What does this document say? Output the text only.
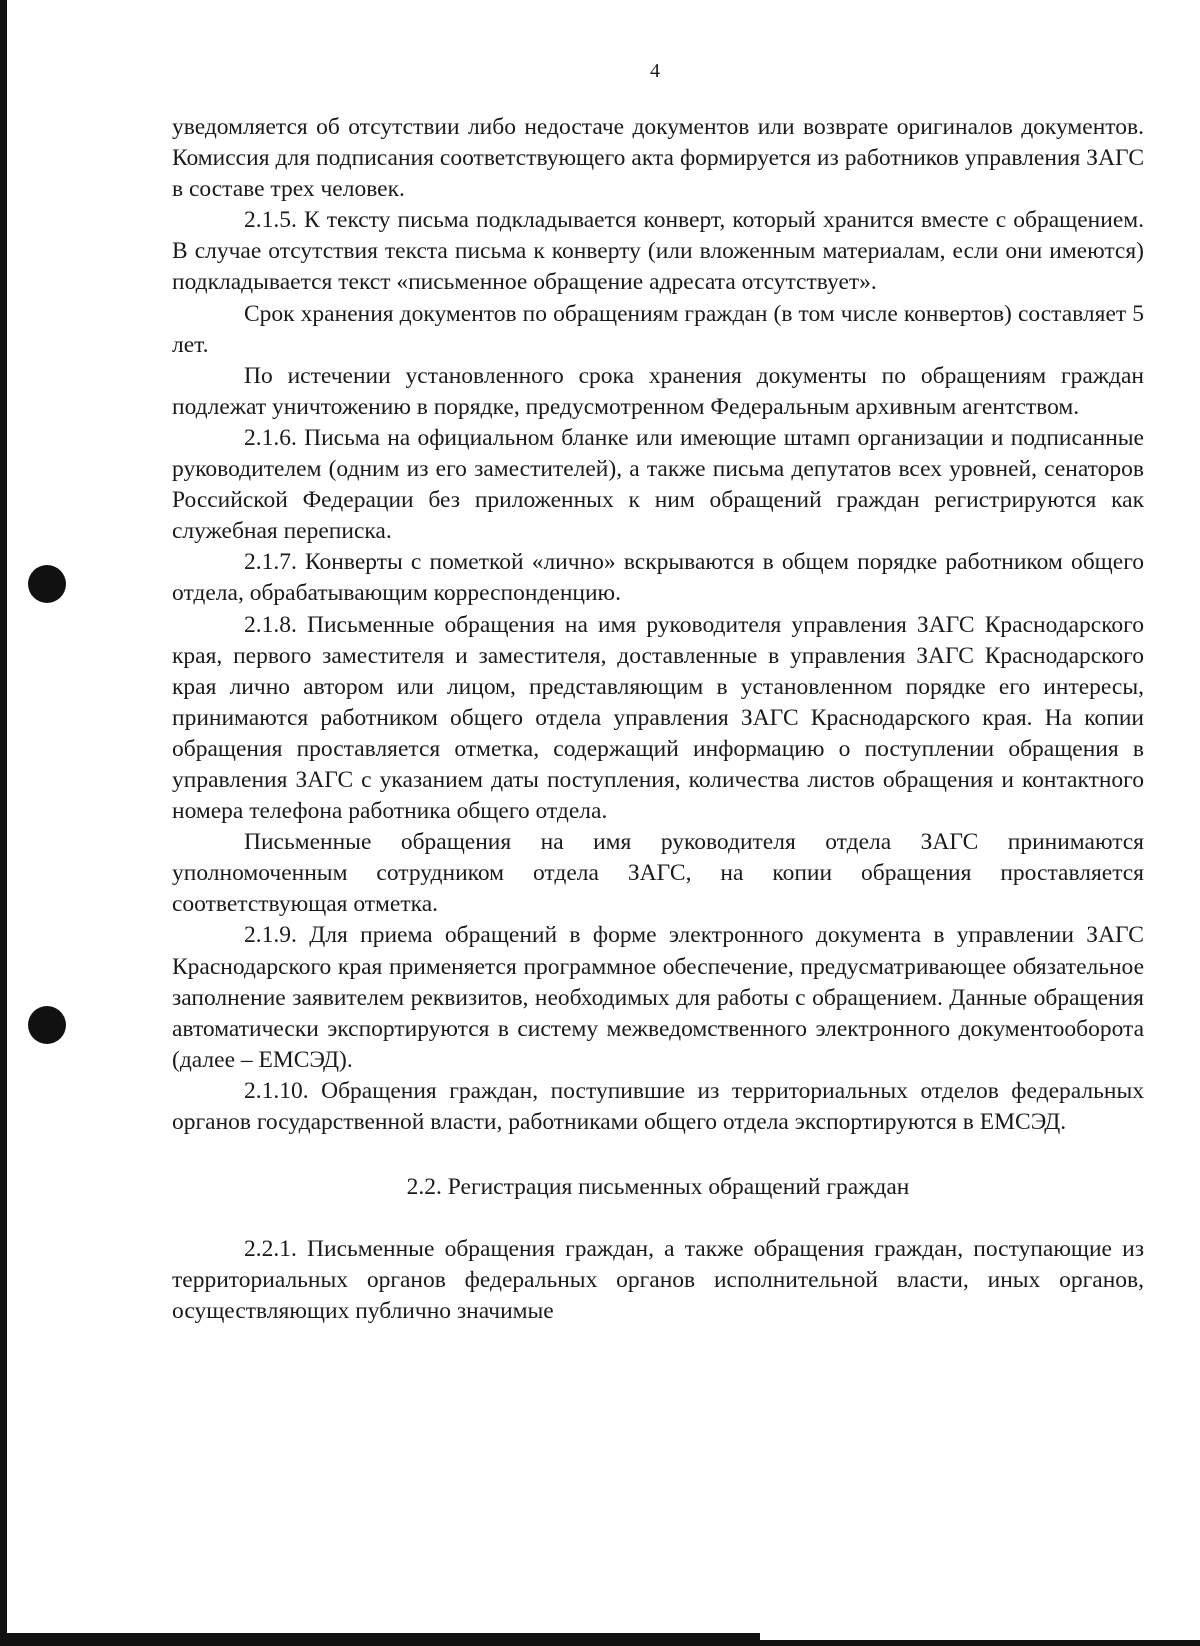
4

уведомляется об отсутствии либо недостаче документов или возврате оригиналов документов. Комиссия для подписания соответствующего акта формируется из работников управления ЗАГС в составе трех человек.

2.1.5. К тексту письма подкладывается конверт, который хранится вместе с обращением. В случае отсутствия текста письма к конверту (или вложенным материалам, если они имеются) подкладывается текст «письменное обращение адресата отсутствует».

Срок хранения документов по обращениям граждан (в том числе конвертов) составляет 5 лет.

По истечении установленного срока хранения документы по обращениям граждан подлежат уничтожению в порядке, предусмотренном Федеральным архивным агентством.

2.1.6. Письма на официальном бланке или имеющие штамп организации и подписанные руководителем (одним из его заместителей), а также письма депутатов всех уровней, сенаторов Российской Федерации без приложенных к ним обращений граждан регистрируются как служебная переписка.

2.1.7. Конверты с пометкой «лично» вскрываются в общем порядке работником общего отдела, обрабатывающим корреспонденцию.

2.1.8. Письменные обращения на имя руководителя управления ЗАГС Краснодарского края, первого заместителя и заместителя, доставленные в управления ЗАГС Краснодарского края лично автором или лицом, представляющим в установленном порядке его интересы, принимаются работником общего отдела управления ЗАГС Краснодарского края. На копии обращения проставляется отметка, содержащий информацию о поступлении обращения в управления ЗАГС с указанием даты поступления, количества листов обращения и контактного номера телефона работника общего отдела.

Письменные обращения на имя руководителя отдела ЗАГС принимаются уполномоченным сотрудником отдела ЗАГС, на копии обращения проставляется соответствующая отметка.

2.1.9. Для приема обращений в форме электронного документа в управлении ЗАГС Краснодарского края применяется программное обеспечение, предусматривающее обязательное заполнение заявителем реквизитов, необходимых для работы с обращением. Данные обращения автоматически экспортируются в систему межведомственного электронного документооборота (далее – ЕМСЭД).

2.1.10. Обращения граждан, поступившие из территориальных отделов федеральных органов государственной власти, работниками общего отдела экспортируются в ЕМСЭД.

2.2. Регистрация письменных обращений граждан

2.2.1. Письменные обращения граждан, а также обращения граждан, поступающие из территориальных органов федеральных органов исполнительной власти, иных органов, осуществляющих публично значимые
